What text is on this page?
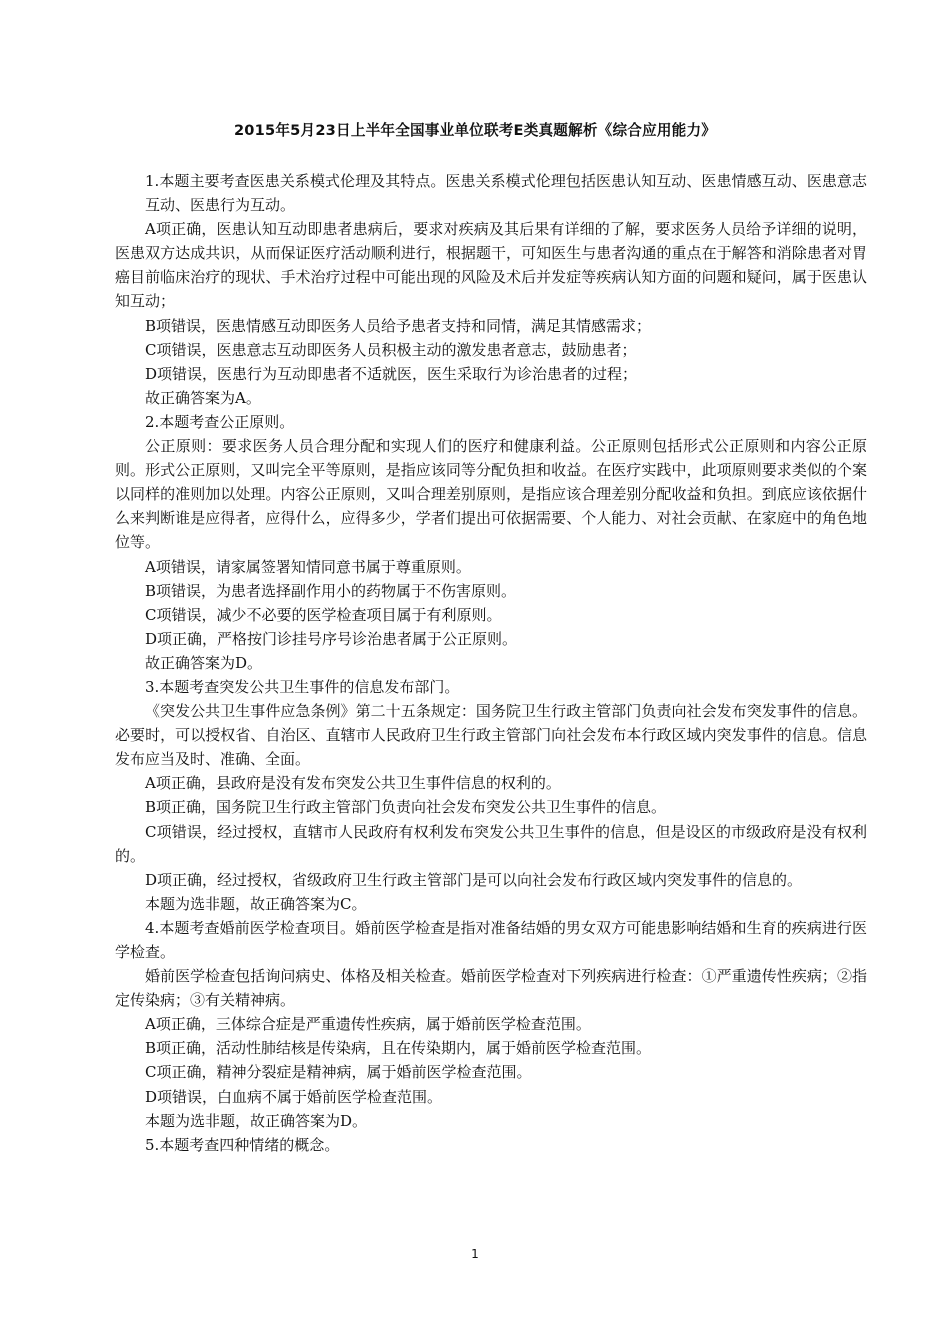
2015年5月23日上半年全国事业单位联考E类真题解析《综合应用能力》

1.本题主要考查医患关系模式伦理及其特点。医患关系模式伦理包括医患认知互动、医患情感互动、医患意志互动、医患行为互动。

A项正确，医患认知互动即患者患病后，要求对疾病及其后果有详细的了解，要求医务人员给予详细的说明，医患双方达成共识，从而保证医疗活动顺利进行，根据题干，可知医生与患者沟通的重点在于解答和消除患者对胃癌目前临床治疗的现状、手术治疗过程中可能出现的风险及术后并发症等疾病认知方面的问题和疑问，属于医患认知互动；

B项错误，医患情感互动即医务人员给予患者支持和同情，满足其情感需求；

C项错误，医患意志互动即医务人员积极主动的激发患者意志，鼓励患者；

D项错误，医患行为互动即患者不适就医，医生采取行为诊治患者的过程；

故正确答案为A。

2.本题考查公正原则。

公正原则：要求医务人员合理分配和实现人们的医疗和健康利益。公正原则包括形式公正原则和内容公正原则。形式公正原则，又叫完全平等原则，是指应该同等分配负担和收益。在医疗实践中，此项原则要求类似的个案以同样的准则加以处理。内容公正原则，又叫合理差别原则，是指应该合理差别分配收益和负担。到底应该依据什么来判断谁是应得者，应得什么，应得多少，学者们提出可依据需要、个人能力、对社会贡献、在家庭中的角色地位等。

A项错误，请家属签署知情同意书属于尊重原则。

B项错误，为患者选择副作用小的药物属于不伤害原则。

C项错误，减少不必要的医学检查项目属于有利原则。

D项正确，严格按门诊挂号序号诊治患者属于公正原则。

故正确答案为D。

3.本题考查突发公共卫生事件的信息发布部门。

《突发公共卫生事件应急条例》第二十五条规定：国务院卫生行政主管部门负责向社会发布突发事件的信息。必要时，可以授权省、自治区、直辖市人民政府卫生行政主管部门向社会发布本行政区域内突发事件的信息。信息发布应当及时、准确、全面。

A项正确，县政府是没有发布突发公共卫生事件信息的权利的。

B项正确，国务院卫生行政主管部门负责向社会发布突发公共卫生事件的信息。

C项错误，经过授权，直辖市人民政府有权利发布突发公共卫生事件的信息，但是设区的市级政府是没有权利的。

D项正确，经过授权，省级政府卫生行政主管部门是可以向社会发布行政区域内突发事件的信息的。

本题为选非题，故正确答案为C。

4.本题考查婚前医学检查项目。婚前医学检查是指对准备结婚的男女双方可能患影响结婚和生育的疾病进行医学检查。

婚前医学检查包括询问病史、体格及相关检查。婚前医学检查对下列疾病进行检查：①严重遗传性疾病；②指定传染病；③有关精神病。

A项正确，三体综合症是严重遗传性疾病，属于婚前医学检查范围。

B项正确，活动性肺结核是传染病，且在传染期内，属于婚前医学检查范围。

C项正确，精神分裂症是精神病，属于婚前医学检查范围。

D项错误，白血病不属于婚前医学检查范围。

本题为选非题，故正确答案为D。

5.本题考查四种情绪的概念。

1
